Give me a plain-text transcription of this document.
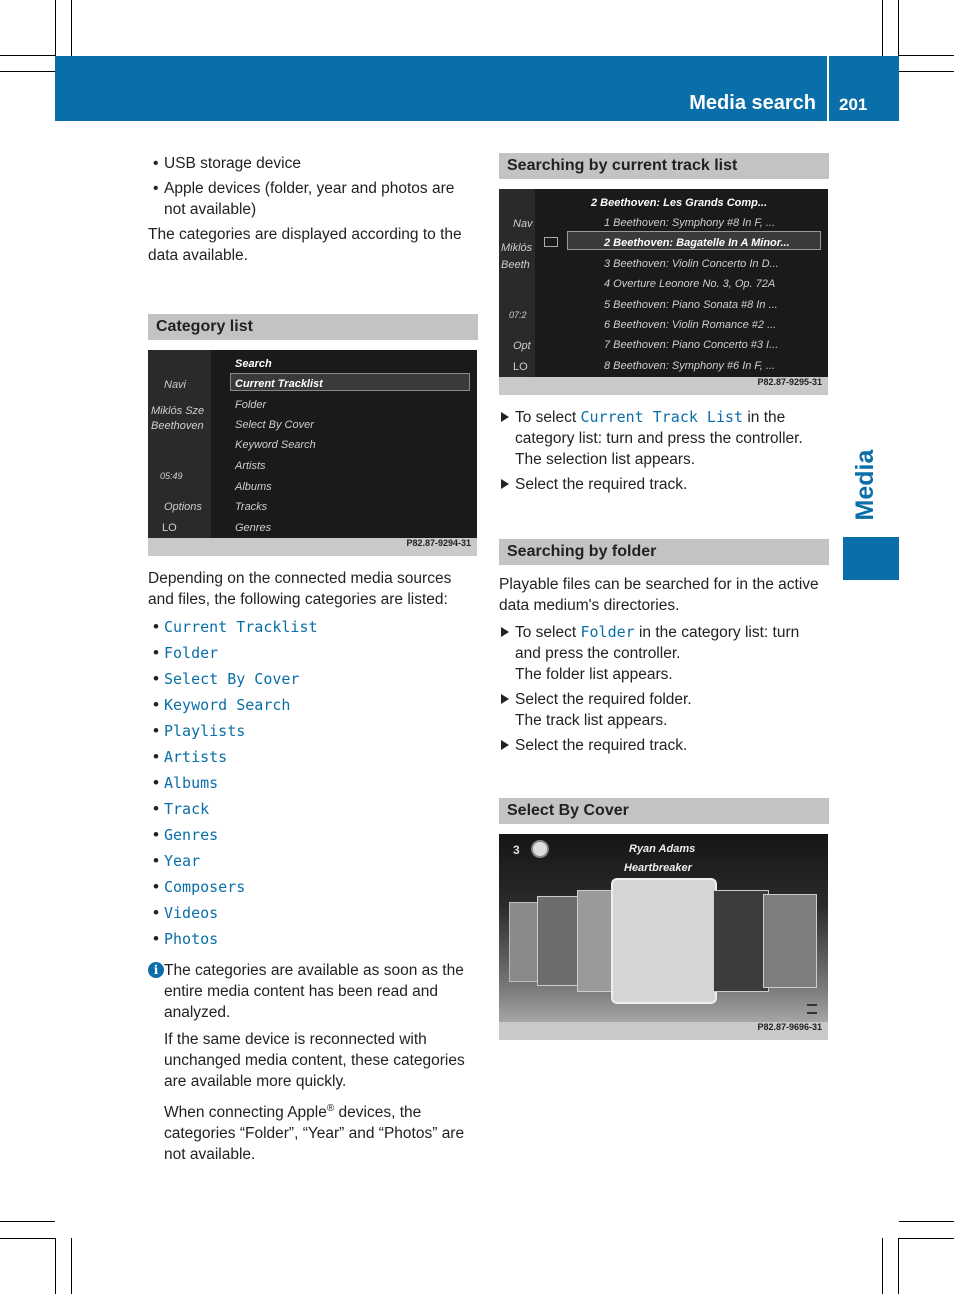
Media search 201
Media
• USB storage device
• Apple devices (folder, year and photos are not available)

The categories are displayed according to the data available.

Category list
Navi
Miklós Sze
Beethoven
05:49
Options
LO
Search
Current Tracklist
Folder
Select By Cover
Keyword Search
Artists
Albums
Tracks
Genres
P82.87-9294-31

Depending on the connected media sources and files, the following categories are listed:

• Current Tracklist
• Folder
• Select By Cover
• Keyword Search
• Playlists
• Artists
• Albums
• Track
• Genres
• Year
• Composers
• Videos
• Photos
i The categories are available as soon as the entire media content has been read and analyzed.

If the same device is reconnected with unchanged media content, these categories are available more quickly.

When connecting Apple® devices, the categories “Folder”, “Year” and “Photos” are not available.

Searching by current track list
Nav
Miklós
Beeth
07:2
Opt
LO
2 Beethoven: Les Grands Comp...
1 Beethoven: Symphony #8 In F, ...
2 Beethoven: Bagatelle In A Minor...
3 Beethoven: Violin Concerto In D...
4 Overture Leonore No. 3, Op. 72A
5 Beethoven: Piano Sonata #8 In ...
6 Beethoven: Violin Romance #2 ...
7 Beethoven: Piano Concerto #3 I...
8 Beethoven: Symphony #6 In F, ...
P82.87-9295-31
To select Current Track List in the category list: turn and press the controller.
The selection list appears.
Select the required track.
Searching by folder

Playable files can be searched for in the active data medium's directories.

To select Folder in the category list: turn and press the controller.
The folder list appears.
Select the required folder.
The track list appears.
Select the required track.
Select By Cover
3	Ryan Adams
Heartbreaker
P82.87-9696-31
